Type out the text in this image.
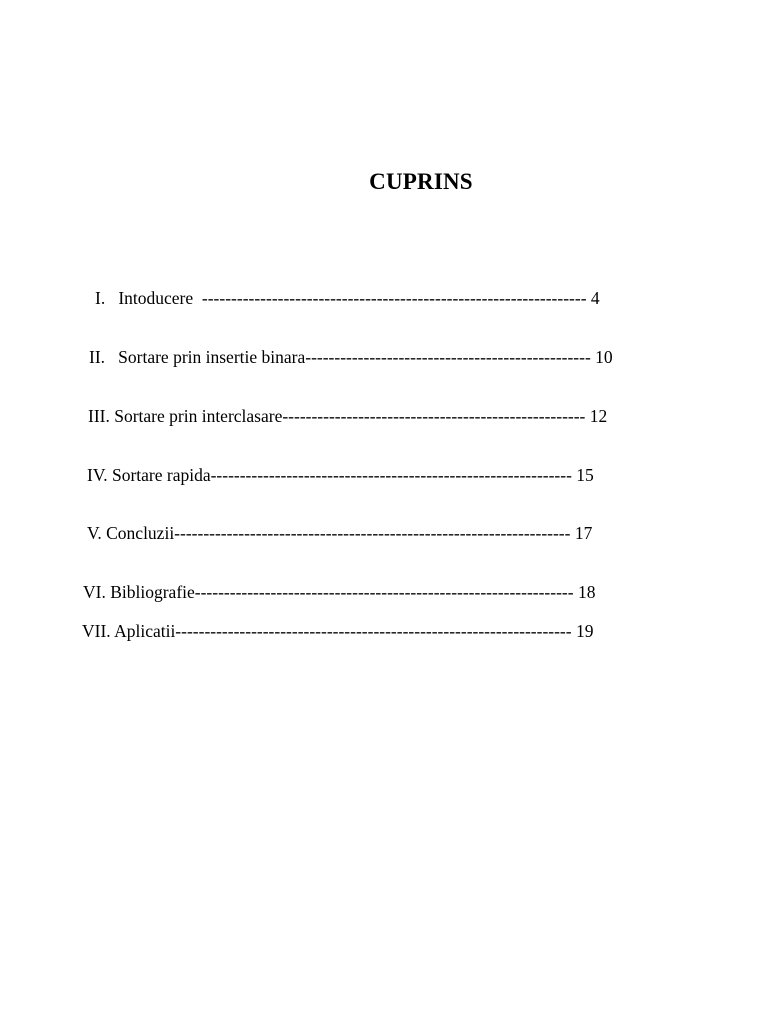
CUPRINS

I.   Intoducere  ------------------------------------------------------------------ 4

II.   Sortare prin insertie binara------------------------------------------------- 10

III. Sortare prin interclasare---------------------------------------------------- 12

IV. Sortare rapida-------------------------------------------------------------- 15

V. Concluzii-------------------------------------------------------------------- 17

VI. Bibliografie----------------------------------------------------------------- 18

VII. Aplicatii-------------------------------------------------------------------- 19
